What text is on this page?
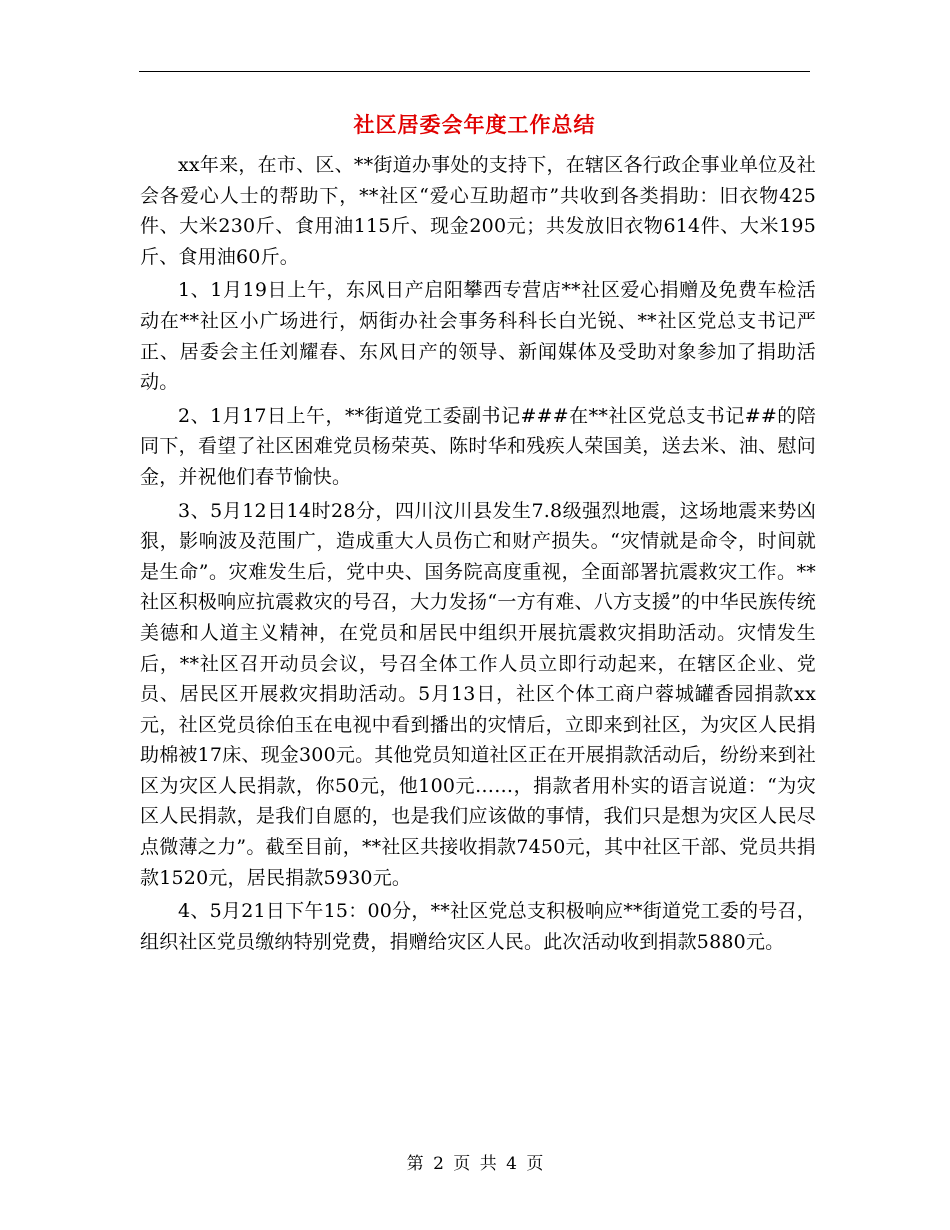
社区居委会年度工作总结

xx年来，在市、区、**街道办事处的支持下，在辖区各行政企事业单位及社会各爱心人士的帮助下，**社区“爱心互助超市”共收到各类捐助：旧衣物425件、大米230斤、食用油115斤、现金200元；共发放旧衣物614件、大米195斤、食用油60斤。

1、1月19日上午，东风日产启阳攀西专营店**社区爱心捐赠及免费车检活动在**社区小广场进行，炳街办社会事务科科长白光锐、**社区党总支书记严正、居委会主任刘耀春、东风日产的领导、新闻媒体及受助对象参加了捐助活动。

2、1月17日上午，**街道党工委副书记###在**社区党总支书记##的陪同下，看望了社区困难党员杨荣英、陈时华和残疾人荣国美，送去米、油、慰问金，并祝他们春节愉快。

3、5月12日14时28分，四川汶川县发生7.8级强烈地震，这场地震来势凶狠，影响波及范围广，造成重大人员伤亡和财产损失。“灾情就是命令，时间就是生命”。灾难发生后，党中央、国务院高度重视，全面部署抗震救灾工作。**社区积极响应抗震救灾的号召，大力发扬“一方有难、八方支援”的中华民族传统美德和人道主义精神，在党员和居民中组织开展抗震救灾捐助活动。灾情发生后，**社区召开动员会议，号召全体工作人员立即行动起来，在辖区企业、党员、居民区开展救灾捐助活动。5月13日，社区个体工商户蓉城罐香园捐款xx元，社区党员徐伯玉在电视中看到播出的灾情后，立即来到社区，为灾区人民捐助棉被17床、现金300元。其他党员知道社区正在开展捐款活动后，纷纷来到社区为灾区人民捐款，你50元，他100元……，捐款者用朴实的语言说道：“为灾区人民捐款，是我们自愿的，也是我们应该做的事情，我们只是想为灾区人民尽点微薄之力”。截至目前，**社区共接收捐款7450元，其中社区干部、党员共捐款1520元，居民捐款5930元。

4、5月21日下午15：00分，**社区党总支积极响应**街道党工委的号召，组织社区党员缴纳特别党费，捐赠给灾区人民。此次活动收到捐款5880元。

第 2 页 共 4 页
